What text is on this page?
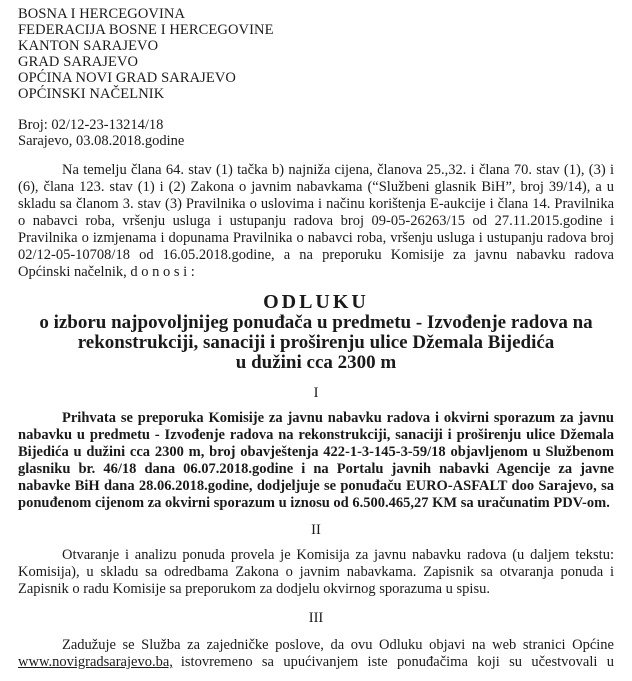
BOSNA I HERCEGOVINA
FEDERACIJA BOSNE I HERCEGOVINE
KANTON SARAJEVO
GRAD SARAJEVO
OPĆINA NOVI GRAD SARAJEVO
OPĆINSKI NAČELNIK
Broj: 02/12-23-13214/18
Sarajevo, 03.08.2018.godine
Na temelju člana 64. stav (1) tačka b) najniža cijena, članova 25.,32. i člana 70. stav (1), (3) i
(6), člana 123. stav (1) i (2) Zakona o javnim nabavkama (“Službeni glasnik BiH”, broj 39/14), a u
skladu sa članom 3. stav (3) Pravilnika o uslovima i načinu korištenja E-aukcije i člana 14. Pravilnika
o nabavci roba, vršenju usluga i ustupanju radova broj 09-05-26263/15 od 27.11.2015.godine i
Pravilnika o izmjenama i dopunama Pravilnika o nabavci roba, vršenju usluga i ustupanju radova broj
02/12-05-10708/18 od 16.05.2018.godine, a na preporuku Komisije za javnu nabavku radova
Općinski načelnik, d o n o s i :
ODLUKU
o izboru najpovoljnijeg ponuđača u predmetu - Izvođenje radova na
rekonstrukciji, sanaciji i proširenju ulice Džemala Bijedića
u dužini cca 2300 m
I
Prihvata se preporuka Komisije za javnu nabavku radova i okvirni sporazum za javnu
nabavku u predmetu - Izvođenje radova na rekonstrukciji, sanaciji i proširenju ulice Džemala
Bijedića u dužini cca 2300 m, broj obavještenja 422-1-3-145-3-59/18 objavljenom u Službenom
glasniku br. 46/18 dana 06.07.2018.godine i na Portalu javnih nabavki Agencije za javne
nabavke BiH dana 28.06.2018.godine, dodjeljuje se ponuđaču EURO-ASFALT doo Sarajevo, sa
ponuđenom cijenom za okvirni sporazum u iznosu od 6.500.465,27 KM sa uračunatim PDV-om.
II
Otvaranje i analizu ponuda provela je Komisija za javnu nabavku radova (u daljem tekstu:
Komisija), u skladu sa odredbama Zakona o javnim nabavkama. Zapisnik sa otvaranja ponuda i
Zapisnik o radu Komisije sa preporukom za dodjelu okvirnog sporazuma u spisu.
III
Zadužuje se Služba za zajedničke poslove, da ovu Odluku objavi na web stranici Općine
www.novigradsarajevo.ba, istovremeno sa upućivanjem iste ponuđačima koji su učestvovali u
